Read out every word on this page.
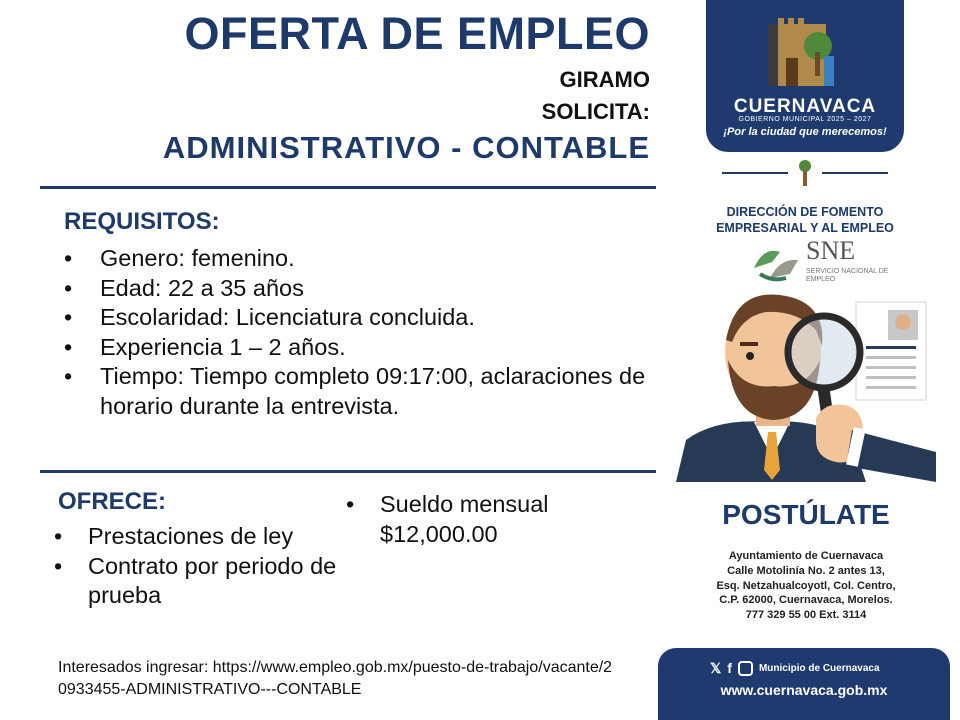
OFERTA DE EMPLEO
GIRAMO
SOLICITA:
ADMINISTRATIVO - CONTABLE
REQUISITOS:
• Genero: femenino.
• Edad: 22 a 35 años
• Escolaridad: Licenciatura concluida.
• Experiencia 1 – 2 años.
• Tiempo: Tiempo completo 09:17:00, aclaraciones de horario durante la entrevista.
OFRECE:
• Prestaciones de ley
• Contrato por periodo de prueba
• Sueldo mensual $12,000.00
Interesados ingresar: https://www.empleo.gob.mx/puesto-de-trabajo/vacante/20933455-ADMINISTRATIVO---CONTABLE
CUERNAVACA
GOBIERNO MUNICIPAL 2025 – 2027
¡Por la ciudad que merecemos!
DIRECCIÓN DE FOMENTO EMPRESARIAL Y AL EMPLEO
SNE
SERVICIO NACIONAL DE EMPLEO
POSTÚLATE
Ayuntamiento de Cuernavaca
Calle Motolinía No. 2 antes 13,
Esq. Netzahualcoyotl, Col. Centro,
C.P. 62000, Cuernavaca, Morelos.
777 329 55 00 Ext. 3114
𝕏 f	Municipio de Cuernavaca
www.cuernavaca.gob.mx
